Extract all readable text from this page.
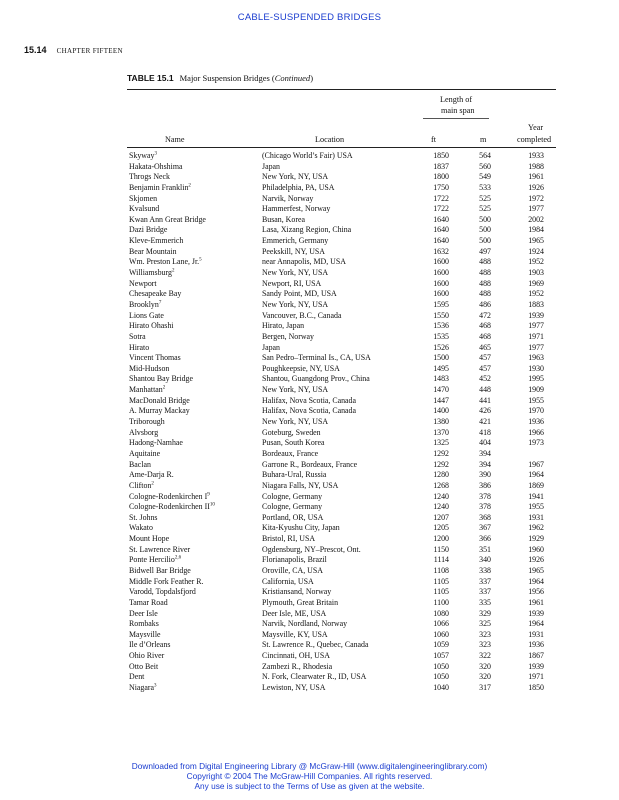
CABLE-SUSPENDED BRIDGES
15.14 CHAPTER FIFTEEN
TABLE 15.1 Major Suspension Bridges (Continued)
Length of
main span
Year
Name	Location	ft	m	completed
Skyway$^3$	(Chicago World’s Fair) USA	1850	564	1933
Hakata-Ohshima	Japan	1837	560	1988
Throgs Neck	New York, NY, USA	1800	549	1961
Benjamin Franklin$^2$	Philadelphia, PA, USA	1750	533	1926
Skjomen	Narvik, Norway	1722	525	1972
Kvalsund	Hammerfest, Norway	1722	525	1977
Kwan Ann Great Bridge	Busan, Korea	1640	500	2002
Dazi Bridge	Lasa, Xizang Region, China	1640	500	1984
Kleve-Emmerich	Emmerich, Germany	1640	500	1965
Bear Mountain	Peekskill, NY, USA	1632	497	1924
Wm. Preston Lane, Jr.$^5$	near Annapolis, MD, USA	1600	488	1952
Williamsburg$^2$	New York, NY, USA	1600	488	1903
Newport	Newport, RI, USA	1600	488	1969
Chesapeake Bay	Sandy Point, MD, USA	1600	488	1952
Brooklyn$^7$	New York, NY, USA	1595	486	1883
Lions Gate	Vancouver, B.C., Canada	1550	472	1939
Hirato Ohashi	Hirato, Japan	1536	468	1977
Sotra	Bergen, Norway	1535	468	1971
Hirato	Japan	1526	465	1977
Vincent Thomas	San Pedro–Terminal Is., CA, USA	1500	457	1963
Mid-Hudson	Poughkeepsie, NY, USA	1495	457	1930
Shantou Bay Bridge	Shantou, Guangdong Prov., China	1483	452	1995
Manhattan$^2$	New York, NY, USA	1470	448	1909
MacDonald Bridge	Halifax, Nova Scotia, Canada	1447	441	1955
A. Murray Mackay	Halifax, Nova Scotia, Canada	1400	426	1970
Triborough	New York, NY, USA	1380	421	1936
Alvsborg	Goteburg, Sweden	1370	418	1966
Hadong-Namhae	Pusan, South Korea	1325	404	1973
Aquitaine	Bordeaux, France	1292	394
Baclan	Garrone R., Bordeaux, France	1292	394	1967
Ame-Darja R.	Buhara-Ural, Russia	1280	390	1964
Clifton$^2$	Niagara Falls, NY, USA	1268	386	1869
Cologne-Rodenkirchen $I^9$	Cologne, Germany	1240	378	1941
Cologne-Rodenkirchen II$^{10}$	Cologne, Germany	1240	378	1955
St. Johns	Portland, OR, USA	1207	368	1931
Wakato	Kita-Kyushu City, Japan	1205	367	1962
Mount Hope	Bristol, RI, USA	1200	366	1929
St. Lawrence River	Ogdensburg, NY–Prescot, Ont.	1150	351	1960
Ponte Hercilio$^{2,6}$	Florianapolis, Brazil	1114	340	1926
Bidwell Bar Bridge	Oroville, CA, USA	1108	338	1965
Middle Fork Feather R.	California, USA	1105	337	1964
Varodd, Topdalsfjord	Kristiansand, Norway	1105	337	1956
Tamar Road	Plymouth, Great Britain	1100	335	1961
Deer Isle	Deer Isle, ME, USA	1080	329	1939
Rombaks	Narvik, Nordland, Norway	1066	325	1964
Maysville	Maysville, KY, USA	1060	323	1931
Ile d’Orleans	St. Lawrence R., Quebec, Canada	1059	323	1936
Ohio River	Cincinnati, OH, USA	1057	322	1867
Otto Beit	Zambezi R., Rhodesia	1050	320	1939
Dent	N. Fork, Clearwater R., ID, USA	1050	320	1971
Niagara$^3$	Lewiston, NY, USA	1040	317	1850
Downloaded from Digital Engineering Library @ McGraw-Hill (www.digitalengineeringlibrary.com)
Copyright © 2004 The McGraw-Hill Companies. All rights reserved.
Any use is subject to the Terms of Use as given at the website.
